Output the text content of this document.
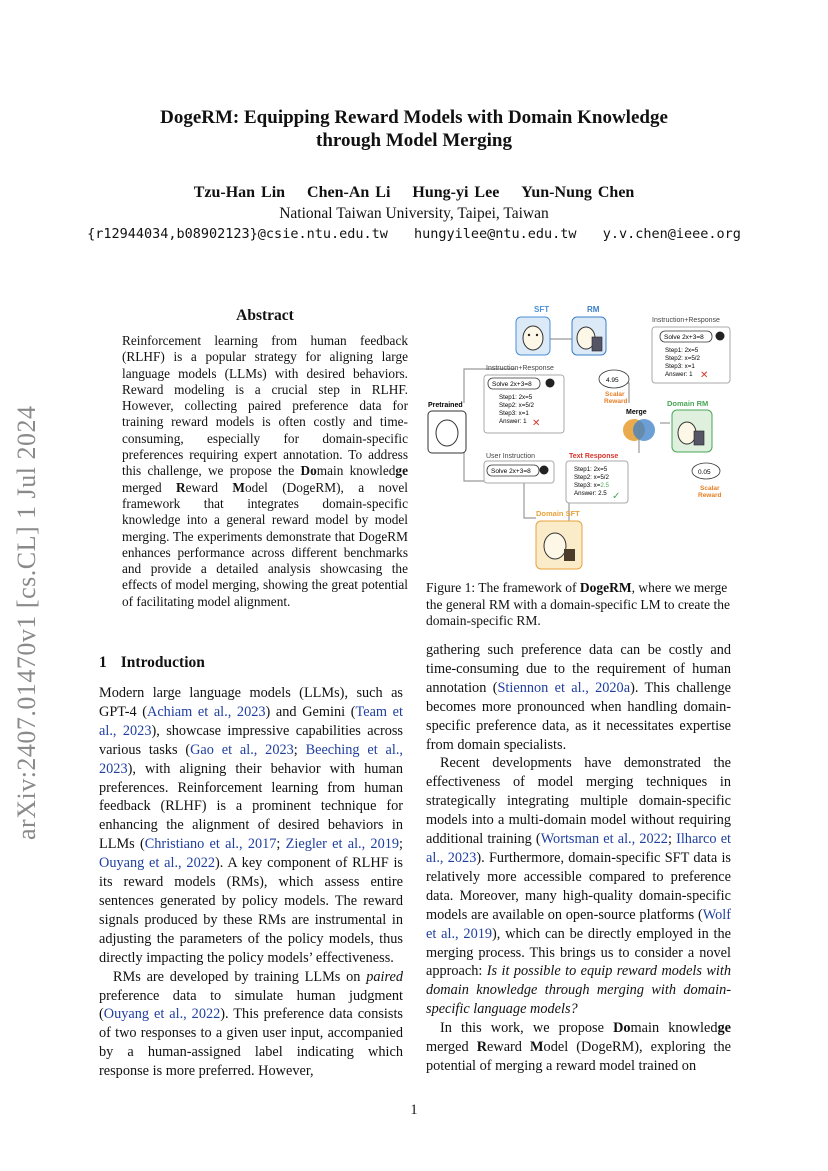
DogeRM: Equipping Reward Models with Domain Knowledge
through Model Merging
Tzu-Han Lin Chen-An Li Hung-yi Lee Yun-Nung Chen
National Taiwan University, Taipei, Taiwan
{r12944034,b08902123}@csie.ntu.edu.tw hungyilee@ntu.edu.tw y.v.chen@ieee.org
arXiv:2407.01470v1 [cs.CL] 1 Jul 2024
Abstract
Reinforcement learning from human feedback (RLHF) is a popular strategy for aligning large language models (LLMs) with desired behaviors. Reward modeling is a crucial step in RLHF. However, collecting paired preference data for training reward models is often costly and time-consuming, especially for domain-specific preferences requiring expert annotation. To address this challenge, we propose the Domain knowledge merged Reward Model (DogeRM), a novel framework that integrates domain-specific knowledge into a general reward model by model merging. The experiments demonstrate that DogeRM enhances performance across different benchmarks and provide a detailed analysis showcasing the effects of model merging, showing the great potential of facilitating model alignment.
1 Introduction

Modern large language models (LLMs), such as GPT-4 (Achiam et al., 2023) and Gemini (Team et al., 2023), showcase impressive capabilities across various tasks (Gao et al., 2023; Beeching et al., 2023), with aligning their behavior with human preferences. Reinforcement learning from human feedback (RLHF) is a prominent technique for enhancing the alignment of desired behaviors in LLMs (Christiano et al., 2017; Ziegler et al., 2019; Ouyang et al., 2022). A key component of RLHF is its reward models (RMs), which assess entire sentences generated by policy models. The reward signals produced by these RMs are instrumental in adjusting the parameters of the policy models, thus directly impacting the policy models’ effectiveness.

RMs are developed by training LLMs on paired preference data to simulate human judgment (Ouyang et al., 2022). This preference data consists of two responses to a given user input, accompanied by a human-assigned label indicating which response is more preferred. However,

gathering such preference data can be costly and time-consuming due to the requirement of human annotation (Stiennon et al., 2020a). This challenge becomes more pronounced when handling domain-specific preference data, as it necessitates expertise from domain specialists.

Recent developments have demonstrated the effectiveness of model merging techniques in strategically integrating multiple domain-specific models into a multi-domain model without requiring additional training (Wortsman et al., 2022; Ilharco et al., 2023). Furthermore, domain-specific SFT data is relatively more accessible compared to preference data. Moreover, many high-quality domain-specific models are available on open-source platforms (Wolf et al., 2019), which can be directly employed in the merging process. This brings us to consider a novel approach: Is it possible to equip reward models with domain knowledge through merging with domain-specific language models?

In this work, we propose Domain knowledge merged Reward Model (DogeRM), exploring the potential of merging a reward model trained on

SFT	RM
Instruction+Response
Solve 2x+3=8
Step1: 2x=5
Step2: x=5/2
Step3: x=1
Answer: 1 ✕
4.95
Scalar Reward
Pretrained
Instruction+Response
Solve 2x+3=8
Step1: 2x=5
Step2: x=5/2
Step3: x=1
Answer: 1 ✕
Merge
Domain RM
0.05
Scalar Reward
User Instruction
Solve 2x+3=8
Text Response
Step1: 2x=5
Step2: x=5/2
Step3: x=2.5
Answer: 2.5 ✓
Domain SFT
Figure 1: The framework of DogeRM, where we merge the general RM with a domain-specific LM to create the domain-specific RM.
1
